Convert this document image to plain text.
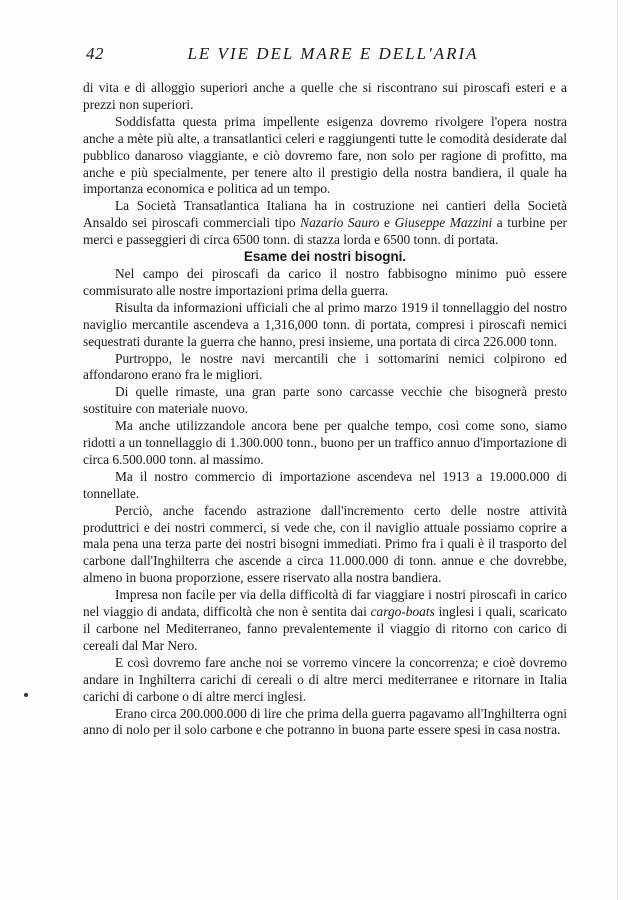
42	LE VIE DEL MARE E DELL'ARIA

di vita e di alloggio superiori anche a quelle che si riscontrano sui piroscafi esteri e a prezzi non superiori.

Soddisfatta questa prima impellente esigenza dovremo rivolgere l'opera nostra anche a mète più alte, a transatlantici celeri e raggiungenti tutte le comodità desiderate dal pubblico danaroso viaggiante, e ciò dovremo fare, non solo per ragione di profitto, ma anche e più specialmente, per tenere alto il prestigio della nostra bandiera, il quale ha importanza economica e politica ad un tempo.

La Società Transatlantica Italiana ha in costruzione nei cantieri della Società Ansaldo sei piroscafi commerciali tipo Nazario Sauro e Giuseppe Mazzini a turbine per merci e passeggieri di circa 6500 tonn. di stazza lorda e 6500 tonn. di portata.

Esame dei nostri bisogni.

Nel campo dei piroscafi da carico il nostro fabbisogno minimo può essere commisurato alle nostre importazioni prima della guerra.

Risulta da informazioni ufficiali che al primo marzo 1919 il tonnellaggio del nostro naviglio mercantile ascendeva a 1,316,000 tonn. di portata, compresi i piroscafi nemici sequestrati durante la guerra che hanno, presi insieme, una portata di circa 226.000 tonn.

Purtroppo, le nostre navi mercantili che i sottomarini nemici colpirono ed affondarono erano fra le migliori.

Di quelle rimaste, una gran parte sono carcasse vecchie che bisognerà presto sostituire con materiale nuovo.

Ma anche utilizzandole ancora bene per qualche tempo, così come sono, siamo ridotti a un tonnellaggio di 1.300.000 tonn., buono per un traffico annuo d'importazione di circa 6.500.000 tonn. al massimo.

Ma il nostro commercio di importazione ascendeva nel 1913 a 19.000.000 di tonnellate.

Perciò, anche facendo astrazione dall'incremento certo delle nostre attività produttrici e dei nostri commerci, si vede che, con il naviglio attuale possiamo coprire a mala pena una terza parte dei nostri bisogni immediati. Primo fra i quali è il trasporto del carbone dall'Inghilterra che ascende a circa 11.000.000 di tonn. annue e che dovrebbe, almeno in buona proporzione, essere riservato alla nostra bandiera.

Impresa non facile per via della difficoltà di far viaggiare i nostri piroscafi in carico nel viaggio di andata, difficoltà che non è sentita dai cargo-boats inglesi i quali, scaricato il carbone nel Mediterraneo, fanno prevalentemente il viaggio di ritorno con carico di cereali dal Mar Nero.

E così dovremo fare anche noi se vorremo vincere la concorrenza; e cioè dovremo andare in Inghilterra carichi di cereali o di altre merci mediterranee e ritornare in Italia carichi di carbone o di altre merci inglesi.

Erano circa 200.000.000 di lire che prima della guerra pagavamo all'Inghilterra ogni anno di nolo per il solo carbone e che potranno in buona parte essere spesi in casa nostra.
